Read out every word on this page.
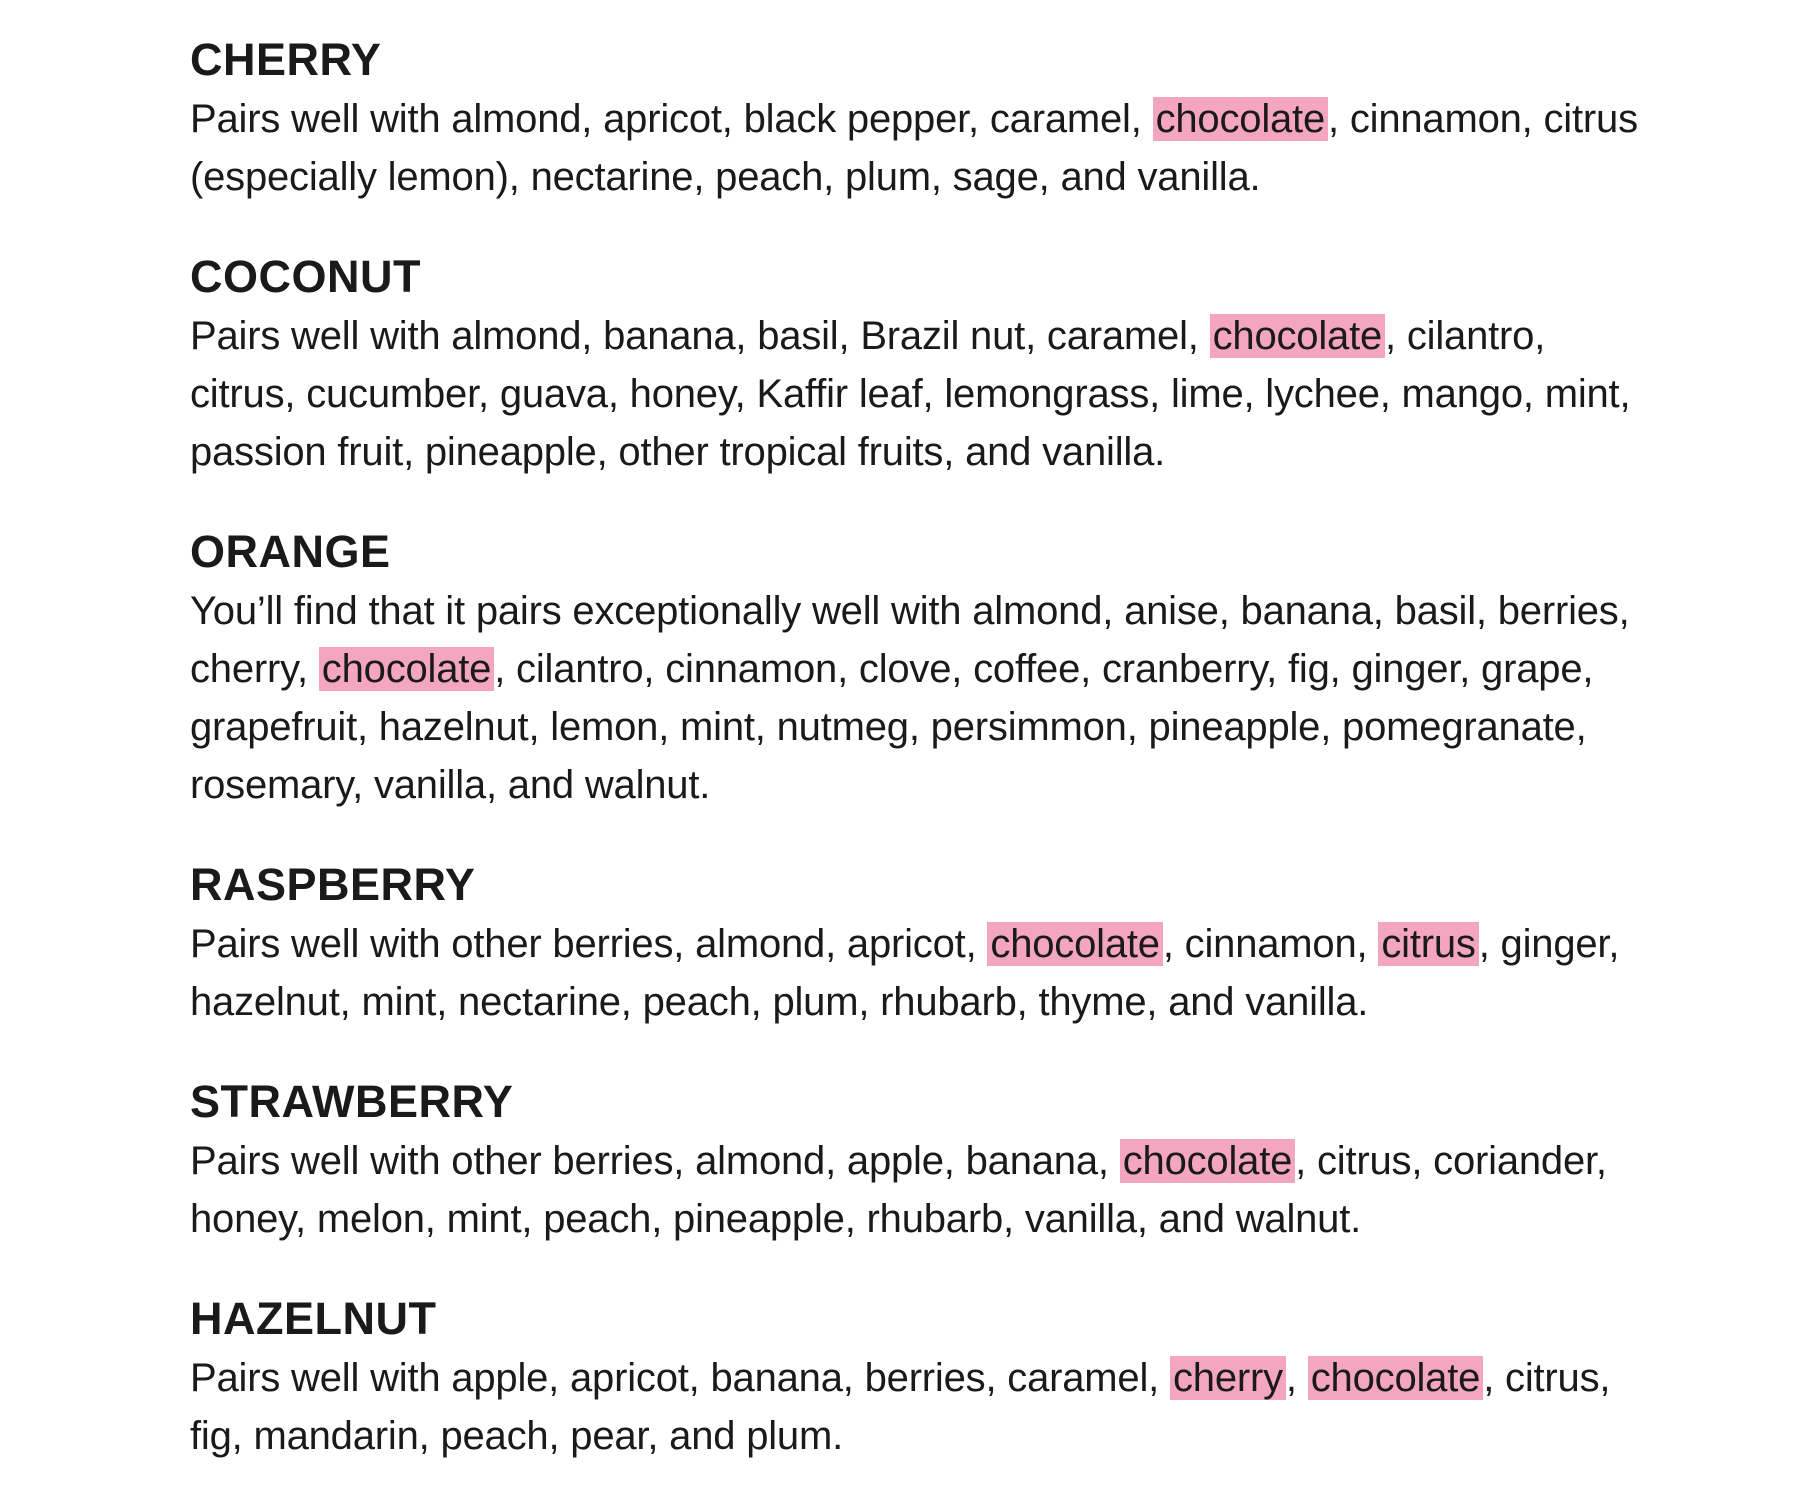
CHERRY

Pairs well with almond, apricot, black pepper, caramel, chocolate, cinnamon, citrus (especially lemon), nectarine, peach, plum, sage, and vanilla.

COCONUT

Pairs well with almond, banana, basil, Brazil nut, caramel, chocolate, cilantro, citrus, cucumber, guava, honey, Kaffir leaf, lemongrass, lime, lychee, mango, mint, passion fruit, pineapple, other tropical fruits, and vanilla.

ORANGE

You’ll find that it pairs exceptionally well with almond, anise, banana, basil, berries, cherry, chocolate, cilantro, cinnamon, clove, coffee, cranberry, fig, ginger, grape, grapefruit, hazelnut, lemon, mint, nutmeg, persimmon, pineapple, pomegranate, rosemary, vanilla, and walnut.

RASPBERRY

Pairs well with other berries, almond, apricot, chocolate, cinnamon, citrus, ginger, hazelnut, mint, nectarine, peach, plum, rhubarb, thyme, and vanilla.

STRAWBERRY

Pairs well with other berries, almond, apple, banana, chocolate, citrus, coriander, honey, melon, mint, peach, pineapple, rhubarb, vanilla, and walnut.

HAZELNUT

Pairs well with apple, apricot, banana, berries, caramel, cherry, chocolate, citrus, fig, mandarin, peach, pear, and plum.
